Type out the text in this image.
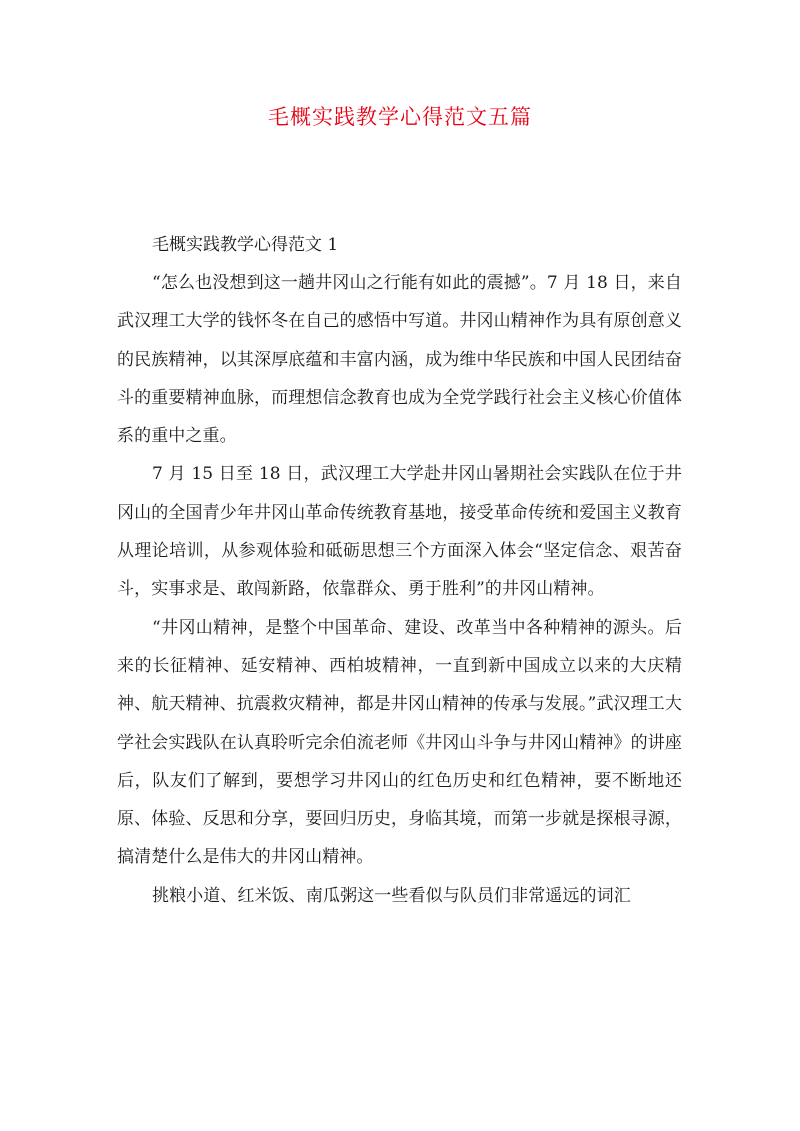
毛概实践教学心得范文五篇

毛概实践教学心得范文 1

“怎么也没想到这一趟井冈山之行能有如此的震撼”。7 月 18 日，来自武汉理工大学的钱怀冬在自己的感悟中写道。井冈山精神作为具有原创意义的民族精神，以其深厚底蕴和丰富内涵，成为维中华民族和中国人民团结奋斗的重要精神血脉，而理想信念教育也成为全党学践行社会主义核心价值体系的重中之重。

7 月 15 日至 18 日，武汉理工大学赴井冈山暑期社会实践队在位于井冈山的全国青少年井冈山革命传统教育基地，接受革命传统和爱国主义教育从理论培训，从参观体验和砥砺思想三个方面深入体会“坚定信念、艰苦奋斗，实事求是、敢闯新路，依靠群众、勇于胜利”的井冈山精神。

“井冈山精神，是整个中国革命、建设、改革当中各种精神的源头。后来的长征精神、延安精神、西柏坡精神，一直到新中国成立以来的大庆精神、航天精神、抗震救灾精神，都是井冈山精神的传承与发展。”武汉理工大学社会实践队在认真聆听完余伯流老师《井冈山斗争与井冈山精神》的讲座后，队友们了解到，要想学习井冈山的红色历史和红色精神，要不断地还原、体验、反思和分享，要回归历史，身临其境，而第一步就是探根寻源，搞清楚什么是伟大的井冈山精神。

挑粮小道、红米饭、南瓜粥这一些看似与队员们非常遥远的词汇
